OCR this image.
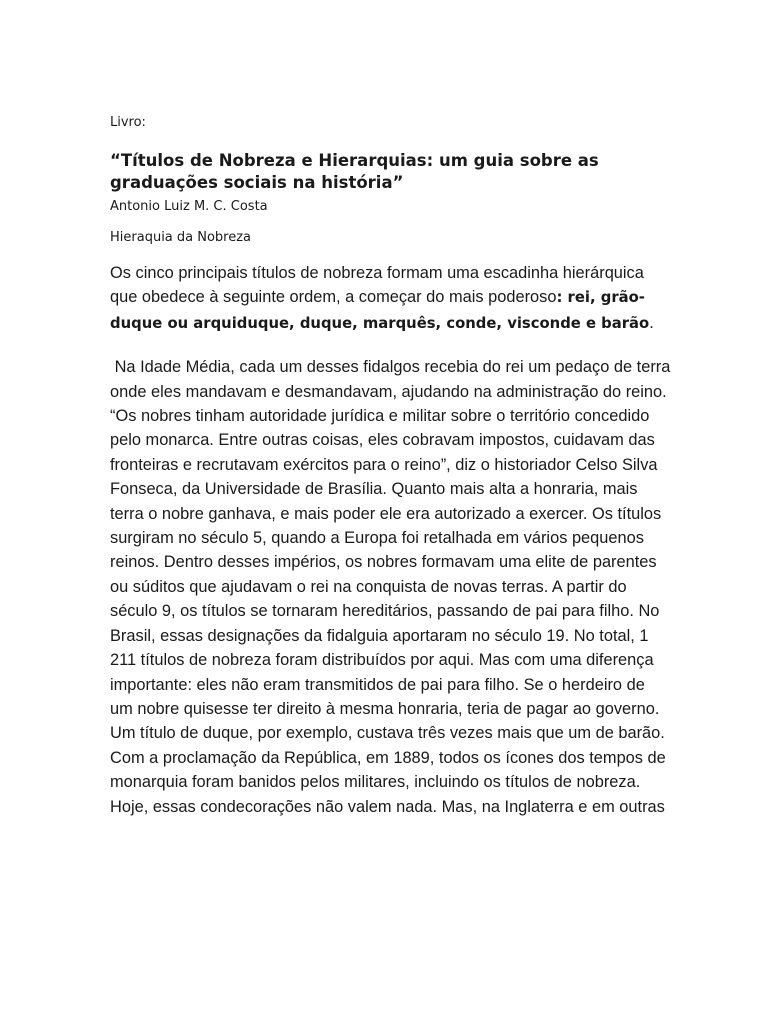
Livro:
“Títulos de Nobreza e Hierarquias: um guia sobre as graduações sociais na história”
Antonio Luiz M. C. Costa
Hieraquia da Nobreza

Os cinco principais títulos de nobreza formam uma escadinha hierárquica que obedece à seguinte ordem, a começar do mais poderoso: rei, grão-duque ou arquiduque, duque, marquês, conde, visconde e barão.

Na Idade Média, cada um desses fidalgos recebia do rei um pedaço de terra onde eles mandavam e desmandavam, ajudando na administração do reino. “Os nobres tinham autoridade jurídica e militar sobre o território concedido pelo monarca. Entre outras coisas, eles cobravam impostos, cuidavam das fronteiras e recrutavam exércitos para o reino”, diz o historiador Celso Silva Fonseca, da Universidade de Brasília. Quanto mais alta a honraria, mais terra o nobre ganhava, e mais poder ele era autorizado a exercer. Os títulos surgiram no século 5, quando a Europa foi retalhada em vários pequenos reinos. Dentro desses impérios, os nobres formavam uma elite de parentes ou súditos que ajudavam o rei na conquista de novas terras. A partir do século 9, os títulos se tornaram hereditários, passando de pai para filho. No Brasil, essas designações da fidalguia aportaram no século 19. No total, 1 211 títulos de nobreza foram distribuídos por aqui. Mas com uma diferença importante: eles não eram transmitidos de pai para filho. Se o herdeiro de um nobre quisesse ter direito à mesma honraria, teria de pagar ao governo. Um título de duque, por exemplo, custava três vezes mais que um de barão. Com a proclamação da República, em 1889, todos os ícones dos tempos de monarquia foram banidos pelos militares, incluindo os títulos de nobreza. Hoje, essas condecorações não valem nada. Mas, na Inglaterra e em outras
